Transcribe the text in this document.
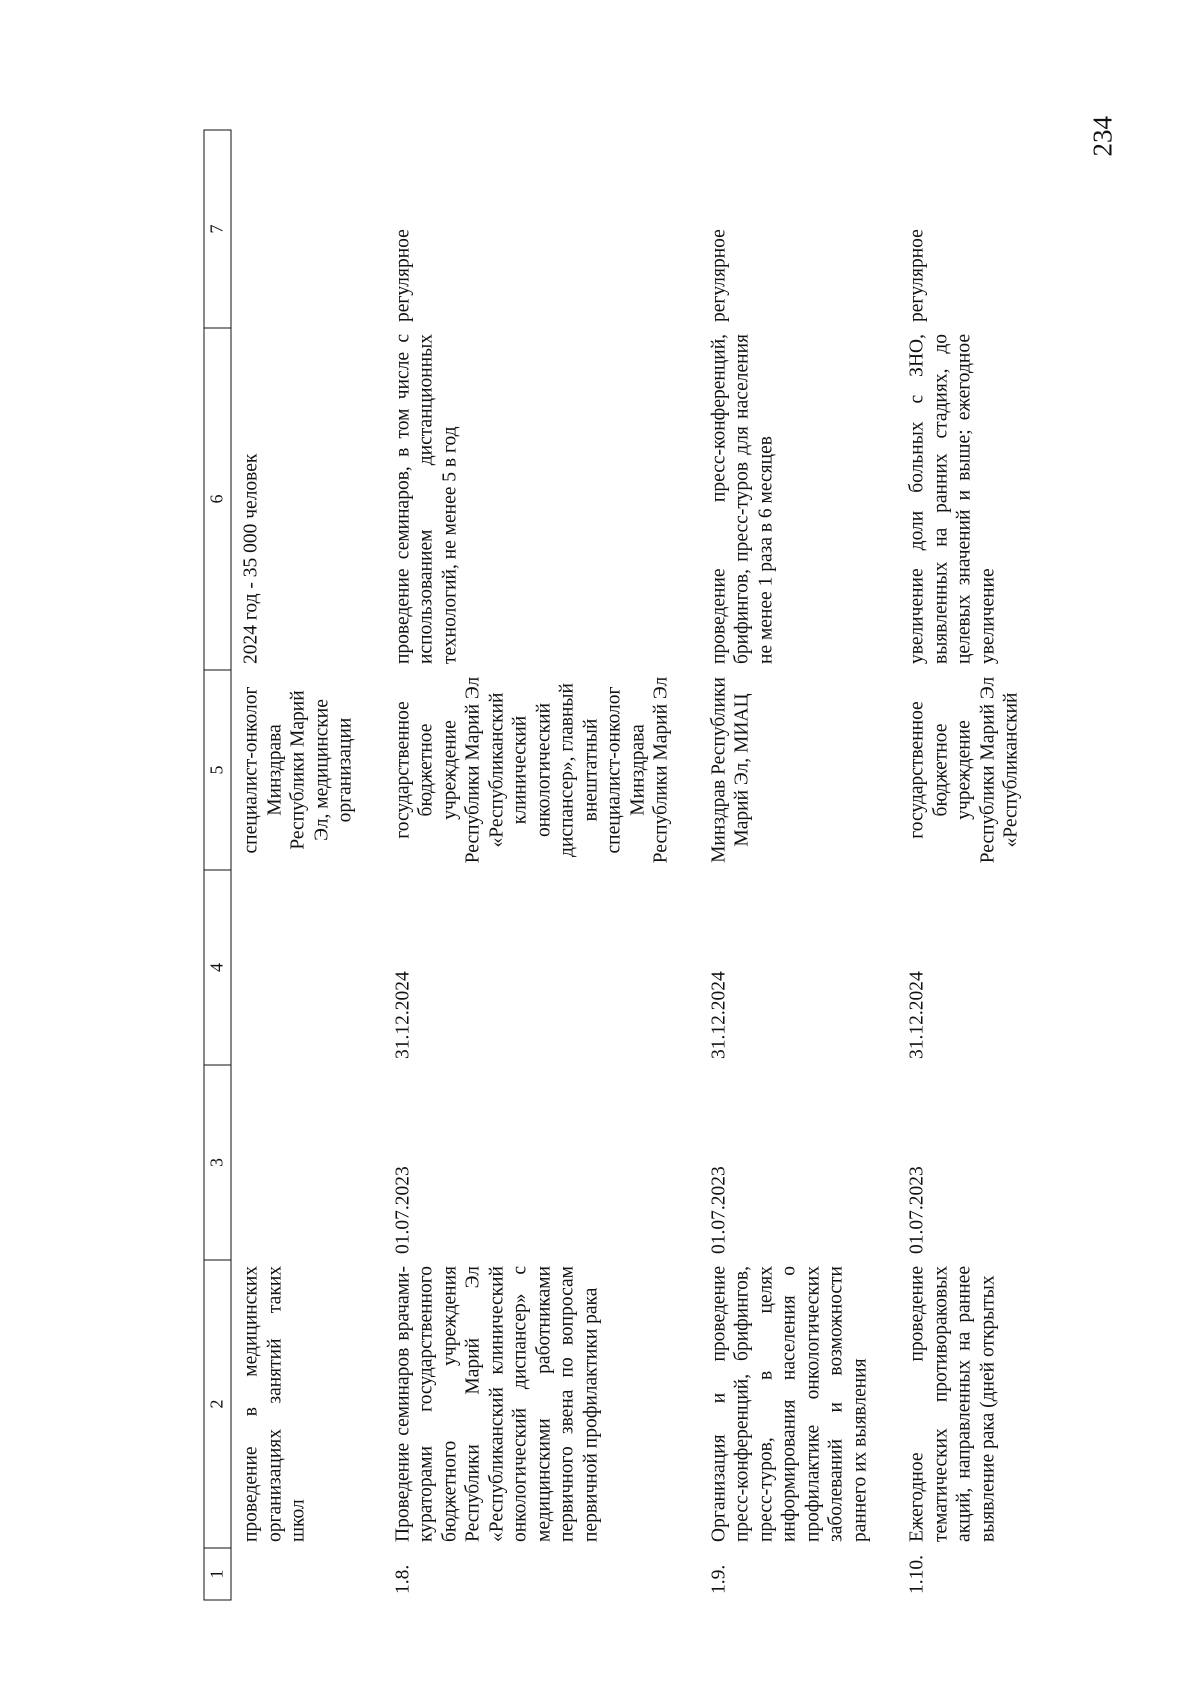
234
1	2	3	4	5	6	7
	проведение в медицинских организациях занятий таких школ			специалист-онколог Минздрава Республики Марий Эл, медицинские организации	2024 год - 35 000 человек	
1.8.	Проведение семинаров врачами-кураторами государственного бюджетного учреждения Республики Марий Эл «Республиканский клинический онкологический диспансер» с медицинскими работниками первичного звена по вопросам первичной профилактики рака	01.07.2023	31.12.2024	государственное бюджетное учреждение Республики Марий Эл «Республиканский клинический онкологический диспансер», главный внештатный специалист-онколог Минздрава Республики Марий Эл	проведение семинаров, в том числе с использованием дистанционных технологий, не менее 5 в год	регулярное
1.9.	Организация и проведение пресс-конференций, брифингов, пресс-туров, в целях информирования населения о профилактике онкологических заболеваний и возможности раннего их выявления	01.07.2023	31.12.2024	Минздрав Республики Марий Эл, МИАЦ	проведение пресс-конференций, брифингов, пресс-туров для населения не менее 1 раза в 6 месяцев	регулярное
1.10.	Ежегодное проведение тематических противораковых акций, направленных на раннее выявление рака (дней открытых	01.07.2023	31.12.2024	государственное бюджетное учреждение Республики Марий Эл «Республиканский	увеличение доли больных с ЗНО, выявленных на ранних стадиях, до целевых значений и выше; ежегодное увеличение	регулярное
